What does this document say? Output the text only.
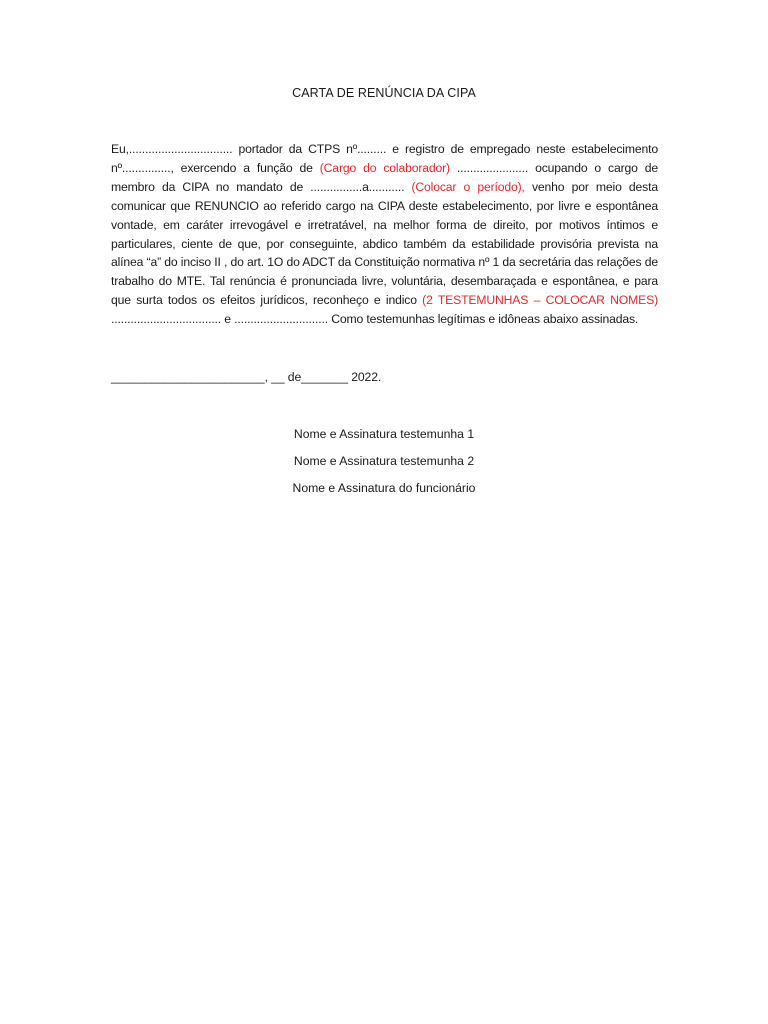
CARTA DE RENÚNCIA DA CIPA
Eu,................................ portador da CTPS nº......... e registro de empregado neste estabelecimento nº..............., exercendo a função de (Cargo do colaborador) ...................... ocupando o cargo de membro da CIPA no mandato de ................a........... (Colocar o período), venho por meio desta comunicar que RENUNCIO ao referido cargo na CIPA deste estabelecimento, por livre e espontânea vontade, em caráter irrevogável e irretratável, na melhor forma de direito, por motivos íntimos e particulares, ciente de que, por conseguinte, abdico também da estabilidade provisória prevista na alínea “a” do inciso II , do art. 1O do ADCT da Constituição normativa nº 1 da secretária das relações de trabalho do MTE. Tal renúncia é pronunciada livre, voluntária, desembaraçada e espontânea, e para que surta todos os efeitos jurídicos, reconheço e indico (2 TESTEMUNHAS – COLOCAR NOMES) .................................. e ............................. Como testemunhas legítimas e idôneas abaixo assinadas.
_______________________, __ de_______ 2022.
Nome e Assinatura testemunha 1
Nome e Assinatura testemunha 2
Nome e Assinatura do funcionário
